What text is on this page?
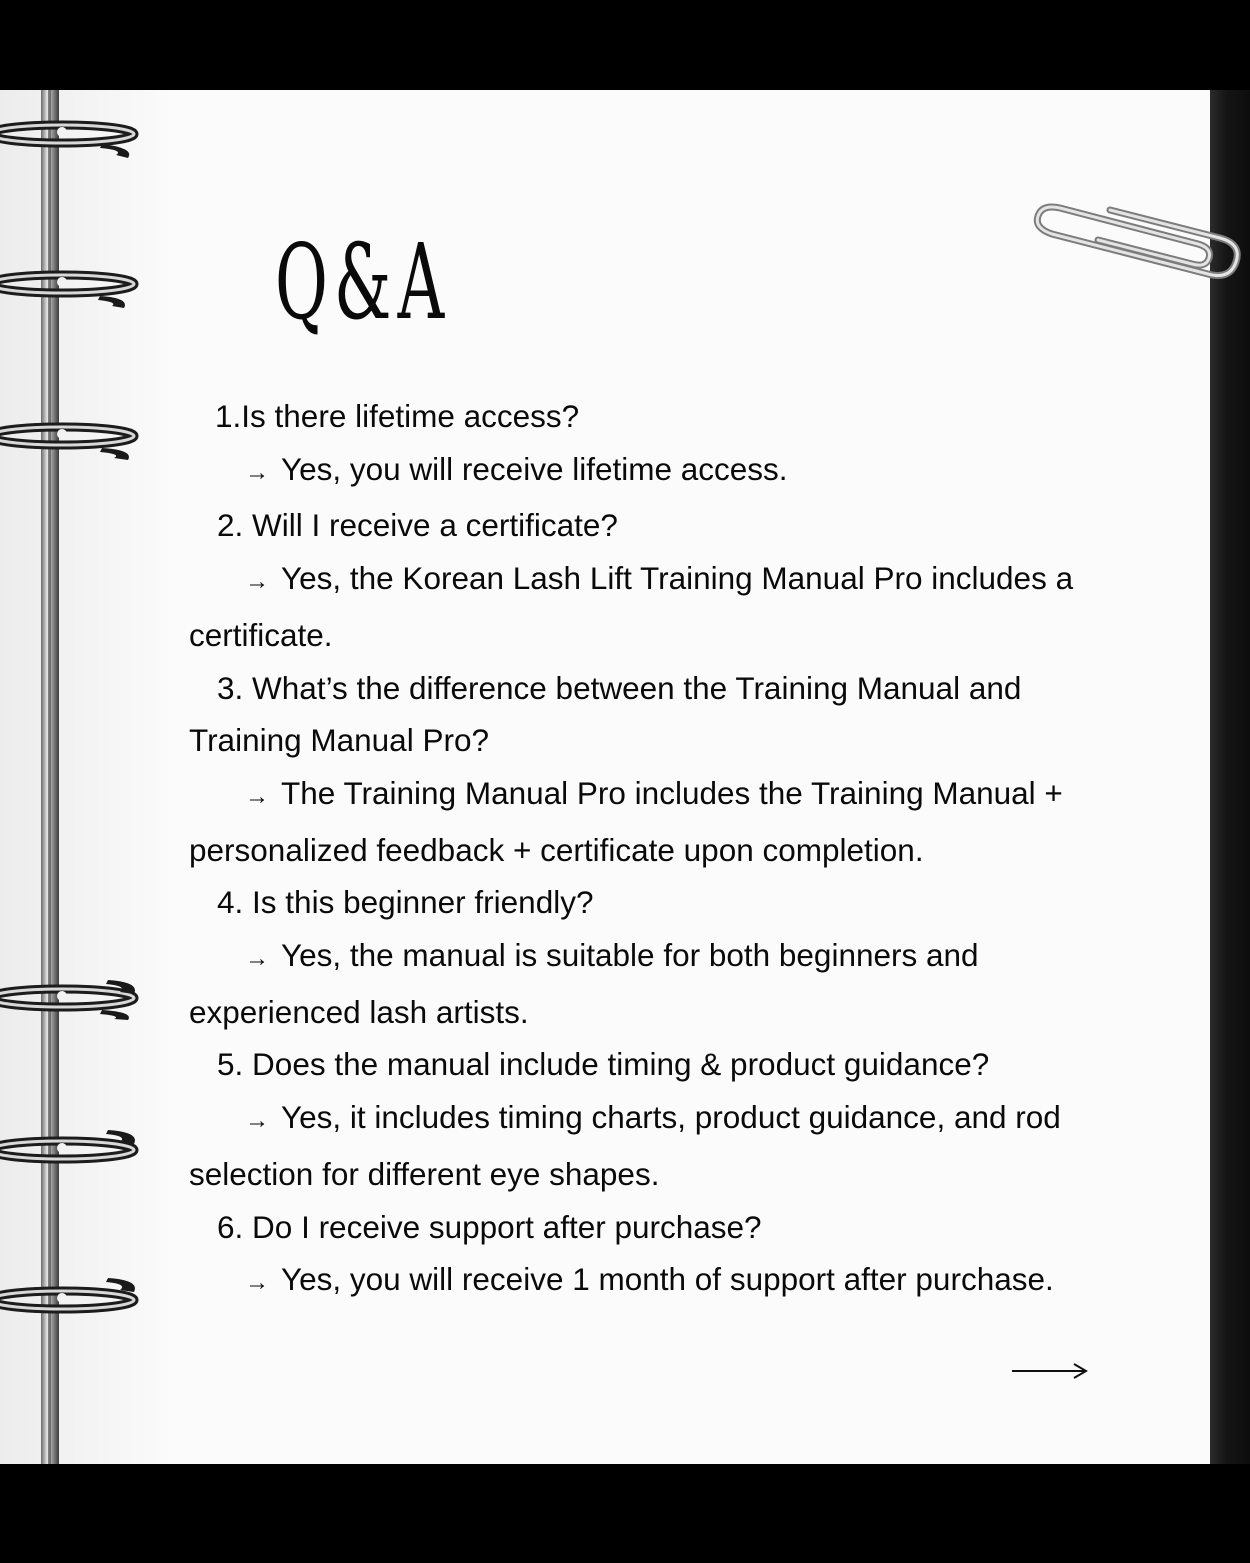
Q&A

1.Is there lifetime access?

→ Yes, you will receive lifetime access.

2. Will I receive a certificate?

→ Yes, the Korean Lash Lift Training Manual Pro includes a certificate.

3. What’s the difference between the Training Manual and Training Manual Pro?

→ The Training Manual Pro includes the Training Manual + personalized feedback + certificate upon completion.

4. Is this beginner friendly?

→ Yes, the manual is suitable for both beginners and experienced lash artists.

5. Does the manual include timing & product guidance?

→ Yes, it includes timing charts, product guidance, and rod selection for different eye shapes.

6. Do I receive support after purchase?

→ Yes, you will receive 1 month of support after purchase.
